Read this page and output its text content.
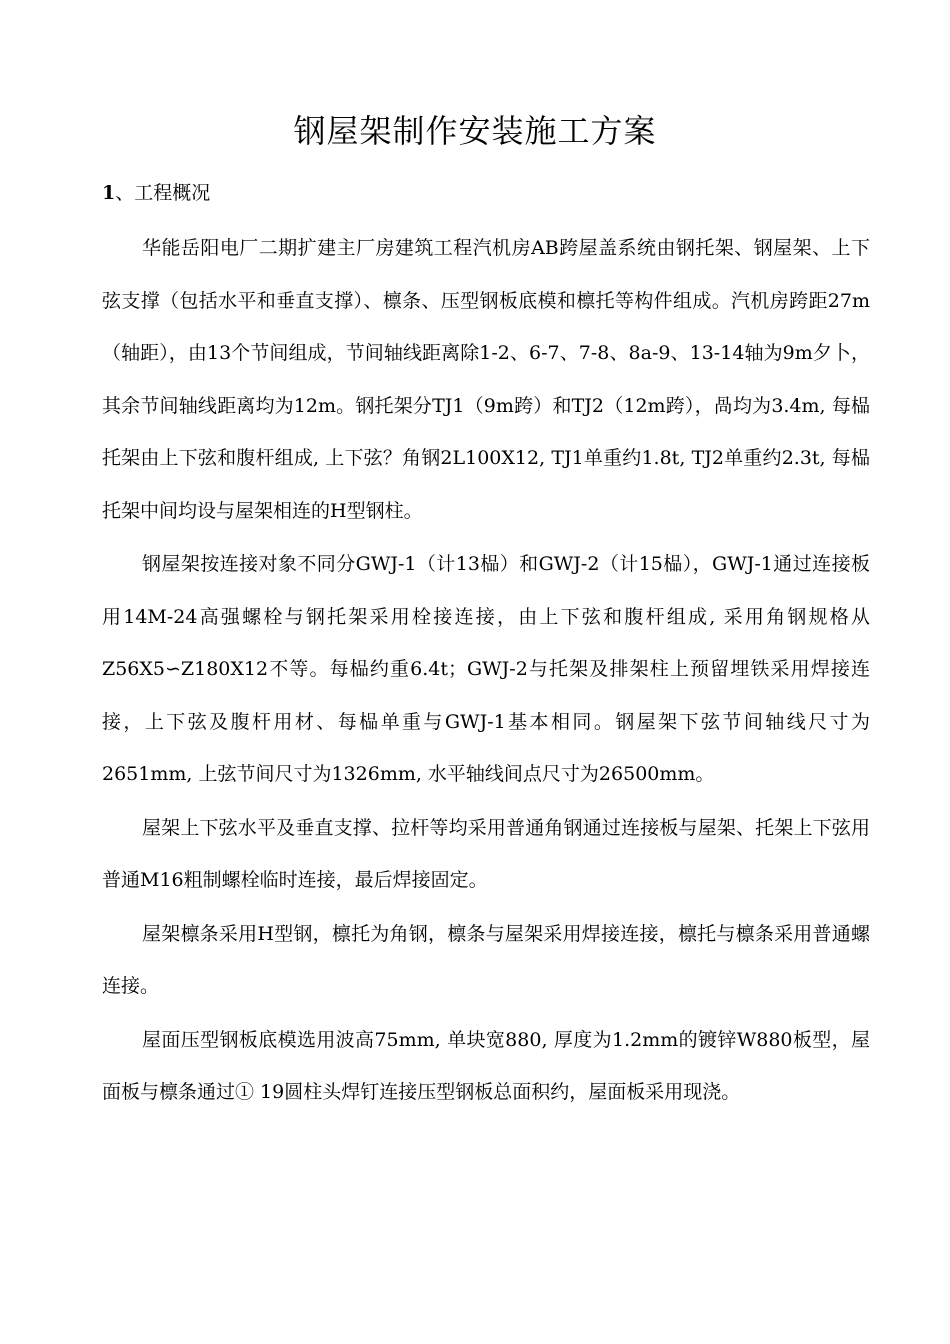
钢屋架制作安装施工方案
1、工程概况

华能岳阳电厂二期扩建主厂房建筑工程汽机房AB跨屋盖系统由钢托架、钢屋架、上下弦支撑（包括水平和垂直支撑）、檩条、压型钢板底模和檩托等构件组成。汽机房跨距27m（轴距），由13个节间组成，节间轴线距离除1-2、6-7、7-8、8a-9、13-14轴为9m夕卜，其余节间轴线距离均为12m。钢托架分TJ1（9m跨）和TJ2（12m跨），咼均为3.4m, 每榀托架由上下弦和腹杆组成, 上下弦？角钢2L100X12, TJ1单重约1.8t, TJ2单重约2.3t, 每榀托架中间均设与屋架相连的H型钢柱。

钢屋架按连接对象不同分GWJ-1（计13榀）和GWJ-2（计15榀），GWJ-1通过连接板用14M-24高强螺栓与钢托架采用栓接连接，由上下弦和腹杆组成, 采用角钢规格从Z56X5∽Z180X12不等。每榀约重6.4t；GWJ-2与托架及排架柱上预留埋铁采用焊接连接，上下弦及腹杆用材、每榀单重与GWJ-1基本相同。钢屋架下弦节间轴线尺寸为2651mm, 上弦节间尺寸为1326mm, 水平轴线间点尺寸为26500mm。

屋架上下弦水平及垂直支撑、拉杆等均采用普通角钢通过连接板与屋架、托架上下弦用普通M16粗制螺栓临时连接，最后焊接固定。

屋架檩条采用H型钢，檩托为角钢，檩条与屋架采用焊接连接，檩托与檩条采用普通螺连接。

屋面压型钢板底模选用波高75mm, 单块宽880, 厚度为1.2mm的镀锌W880板型，屋面板与檩条通过① 19圆柱头焊钉连接压型钢板总面积约，屋面板采用现浇。
